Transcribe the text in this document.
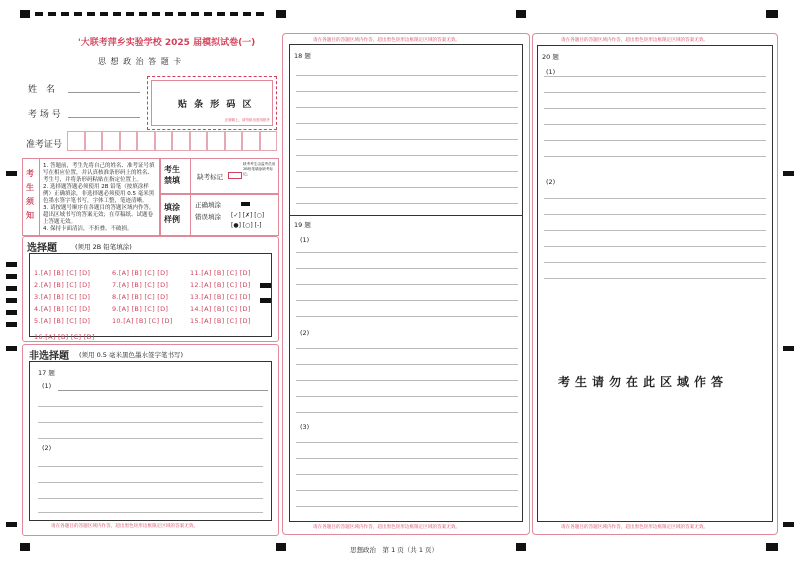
'大联考萍乡实验学校 2025 届模拟试卷(一)
思 想 政 治 答 题 卡
姓　名
考 场 号
贴 条 形 码 区
正面朝上，请勿贴出虚线框外
准考证号
考生须知
1. 答题前，考生先将自己的姓名、准考证号填写在相应位置，并认真核准条形码上的姓名、考生号，并将条形码粘贴在指定位置上。
2. 选择题答题必须使用 2B 铅笔（按填涂样例）正确填涂，非选择题必须使用 0.5 毫米黑色墨水签字笔书写，字体工整，笔迹清晰。
3. 请按题号顺序在各题目的答题区域内作答，超出区域书写的答案无效；在草稿纸、试题卷上答题无效。
4. 保持卡面清洁，不折叠、不破损。
考生禁填	缺考标记
缺考考生由监考员用2B铅笔填涂缺考标记。
填涂样例
正确填涂
错误填涂 [✓] [✗] [○]
[●] [○] [-]
选择题	(须用 2B 铅笔填涂)
1.[A] [B] [C] [D]
2.[A] [B] [C] [D]
3.[A] [B] [C] [D]
4.[A] [B] [C] [D]
5.[A] [B] [C] [D]
16.[A] [B] [C] [D]
6.[A] [B] [C] [D]
7.[A] [B] [C] [D]
8.[A] [B] [C] [D]
9.[A] [B] [C] [D]
10.[A] [B] [C] [D]
11.[A] [B] [C] [D]
12.[A] [B] [C] [D]
13.[A] [B] [C] [D]
14.[A] [B] [C] [D]
15.[A] [B] [C] [D]
非选择题 (须用 0.5 毫米黑色墨水签字笔书写)
17 题
(1)
(2)
请在各题目的答题区域内作答，超出黑色矩形边框限定区域的答案无效。
请在各题目的答题区域内作答，超出黑色矩形边框限定区域的答案无效。
18 题
19 题
(1)
(2)
(3)
请在各题目的答题区域内作答，超出黑色矩形边框限定区域的答案无效。
请在各题目的答题区域内作答，超出黑色矩形边框限定区域的答案无效。
20 题
(1)
(2)
考生请勿在此区域作答
请在各题目的答题区域内作答，超出黑色矩形边框限定区域的答案无效。
思想政治　第 1 页（共 1 页）
